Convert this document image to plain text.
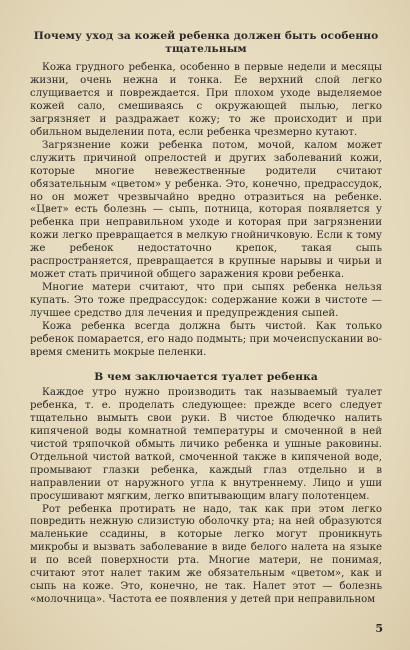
Почему уход за кожей ребенка должен быть особенно тщательным

Кожа грудного ребенка, особенно в первые недели и месяцы жизни, очень нежна и тонка. Ее верхний слой легко слущивается и повреждается. При плохом уходе выделяемое кожей сало, смешиваясь с окружающей пылью, легко загрязняет и раздражает кожу; то же происходит и при обильном выделении пота, если ребенка чрезмерно кутают.

Загрязнение кожи ребенка потом, мочой, калом может служить причиной опрелостей и других заболеваний кожи, которые многие невежественные родители считают обязательным «цветом» у ребенка. Это, конечно, предрассудок, но он может чрезвычайно вредно отразиться на ребенке. «Цвет» есть болезнь — сыпь, потница, которая появляется у ребенка при неправильном уходе и которая при загрязнении кожи легко превращается в мелкую гнойничковую. Если к тому же ребенок недостаточно крепок, такая сыпь распространяется, превращается в крупные нарывы и чирьи и может стать причиной общего заражения крови ребенка.

Многие матери считают, что при сыпях ребенка нельзя купать. Это тоже предрассудок: содержание кожи в чистоте — лучшее средство для лечения и предупреждения сыпей.

Кожа ребенка всегда должна быть чистой. Как только ребенок помарается, его надо подмыть; при мочеиспускании во-время сменить мокрые пеленки.

В чем заключается туалет ребенка

Каждое утро нужно производить так называемый туалет ребенка, т. е. проделать следующее: прежде всего следует тщательно вымыть свои руки. В чистое блюдечко налить кипяченой воды комнатной температуры и смоченной в ней чистой тряпочкой обмыть личико ребенка и ушные раковины. Отдельной чистой ваткой, смоченной также в кипяченой воде, промывают глазки ребенка, каждый глаз отдельно и в направлении от наружного угла к внутреннему. Лицо и уши просушивают мягким, легко впитывающим влагу полотенцем.

Рот ребенка протирать не надо, так как при этом легко повредить нежную слизистую оболочку рта; на ней образуются маленькие ссадины, в которые легко могут проникнуть микробы и вызвать заболевание в виде белого налета на языке и по всей поверхности рта. Многие матери, не понимая, считают этот налет таким же обязательным «цветом», как и сыпь на коже. Это, конечно, не так. Налет этот — болезнь «молочница». Частота ее появления у детей при неправильном

5
